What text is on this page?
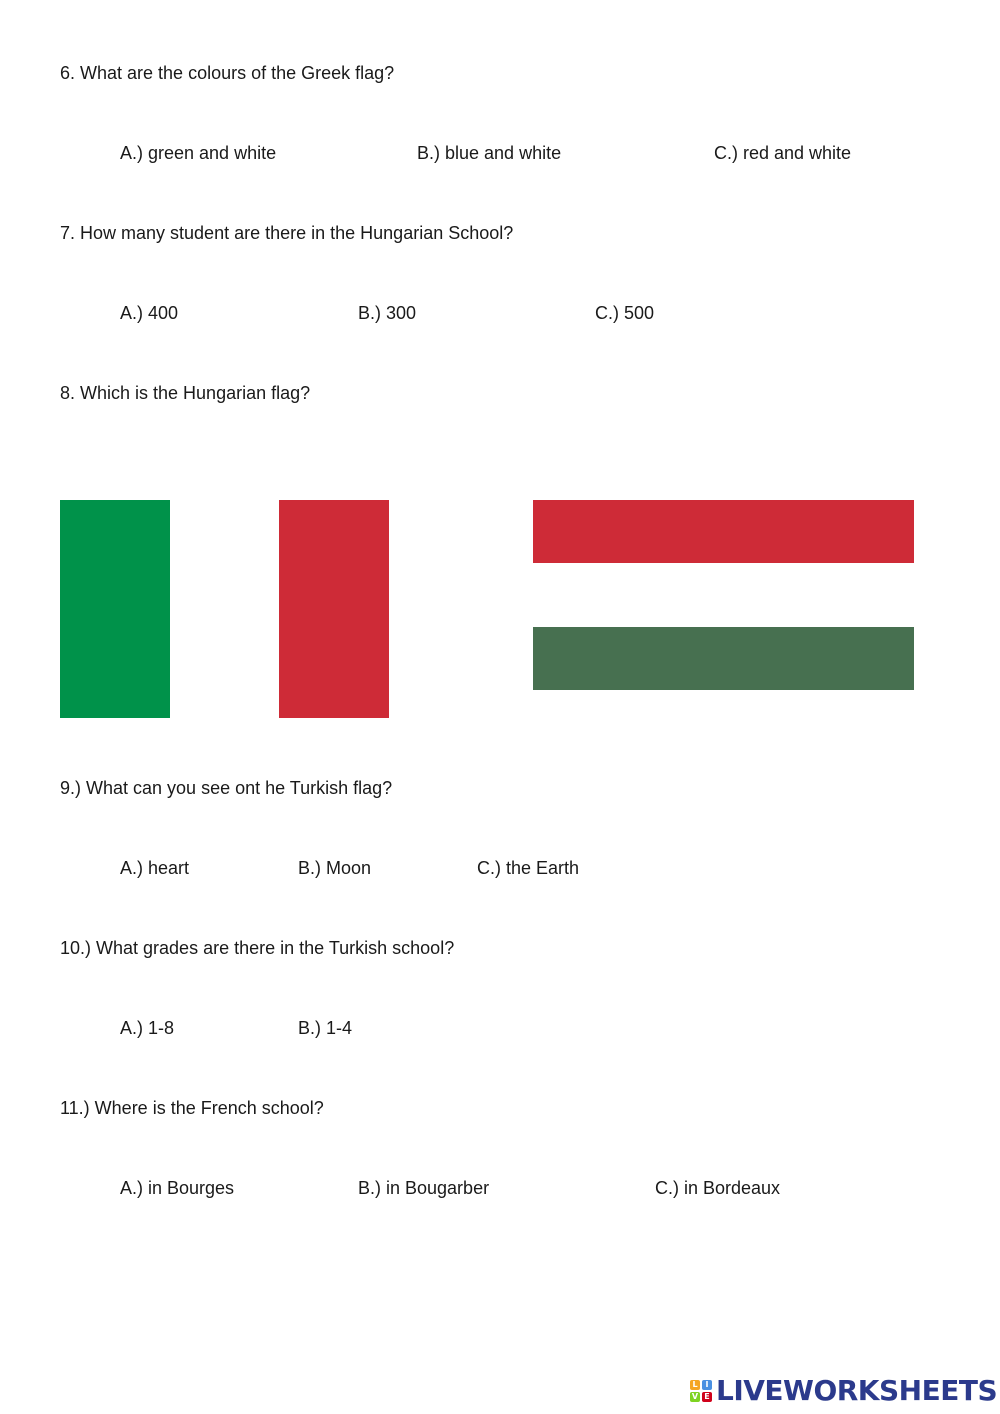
6. What are the colours of the Greek flag?
A.) green and white	B.) blue and white	C.) red and white
7. How many student are there in the Hungarian School?
A.) 400	B.) 300	C.) 500
8. Which is the Hungarian flag?
9.) What can you see ont he Turkish flag?
A.) heart	B.) Moon	C.) the Earth
10.) What grades are there in the Turkish school?
A.) 1-8	B.) 1-4
11.) Where is the French school?
A.) in Bourges	B.) in Bougarber	C.) in Bordeaux
L I
V E LIVEWORKSHEETS
